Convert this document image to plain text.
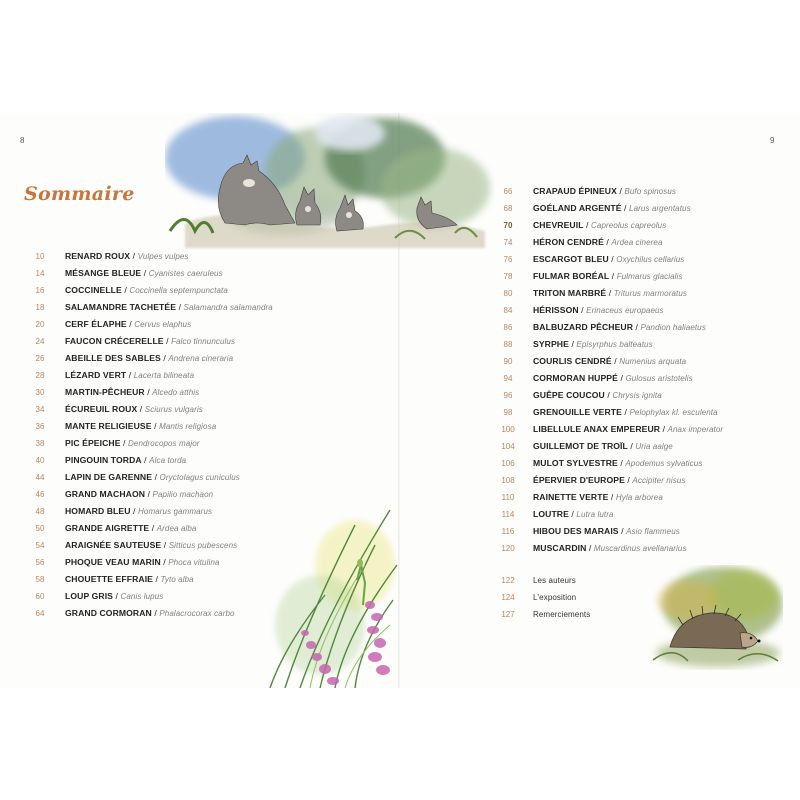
8	9
Sommaire
10	RENARD ROUX / Vulpes vulpes
14	MÉSANGE BLEUE / Cyanistes caeruleus
16	COCCINELLE / Coccinella septempunctata
18	SALAMANDRE TACHETÉE / Salamandra salamandra
20	CERF ÉLAPHE / Cervus elaphus
24	FAUCON CRÉCERELLE / Falco tinnunculus
26	ABEILLE DES SABLES / Andrena cineraria
28	LÉZARD VERT / Lacerta bilineata
30	MARTIN-PÊCHEUR / Alcedo atthis
34	ÉCUREUIL ROUX / Sciurus vulgaris
36	MANTE RELIGIEUSE / Mantis religiosa
38	PIC ÉPEICHE / Dendrocopos major
40	PINGOUIN TORDA / Alca torda
44	LAPIN DE GARENNE / Oryctolagus cuniculus
46	GRAND MACHAON / Papilio machaon
48	HOMARD BLEU / Homarus gammarus
50	GRANDE AIGRETTE / Ardea alba
54	ARAIGNÉE SAUTEUSE / Sitticus pubescens
56	PHOQUE VEAU MARIN / Phoca vitulina
58	CHOUETTE EFFRAIE / Tyto alba
60	LOUP GRIS / Canis lupus
64	GRAND CORMORAN / Phalacrocorax carbo
66	CRAPAUD ÉPINEUX / Bufo spinosus
68	GOÉLAND ARGENTÉ / Larus argentatus
70	CHEVREUIL / Capreolus capreolus
74	HÉRON CENDRÉ / Ardea cinerea
76	ESCARGOT BLEU / Oxychilus cellarius
78	FULMAR BORÉAL / Fulmarus glacialis
80	TRITON MARBRÉ / Triturus marmoratus
84	HÉRISSON / Erinaceus europaeus
86	BALBUZARD PÊCHEUR / Pandion haliaetus
88	SYRPHE / Episyrphus balteatus
90	COURLIS CENDRÉ / Numenius arquata
94	CORMORAN HUPPÉ / Gulosus aristotelis
96	GUÊPE COUCOU / Chrysis ignita
98	GRENOUILLE VERTE / Pelophylax kl. esculenta
100	LIBELLULE ANAX EMPEREUR / Anax imperator
104	GUILLEMOT DE TROÏL / Uria aalge
106	MULOT SYLVESTRE / Apodemus sylvaticus
108	ÉPERVIER D'EUROPE / Accipiter nisus
110	RAINETTE VERTE / Hyla arborea
114	LOUTRE / Lutra lutra
116	HIBOU DES MARAIS / Asio flammeus
120	MUSCARDIN / Muscardinus avellanarius
122	Les auteurs
124	L'exposition
127	Remerciements
